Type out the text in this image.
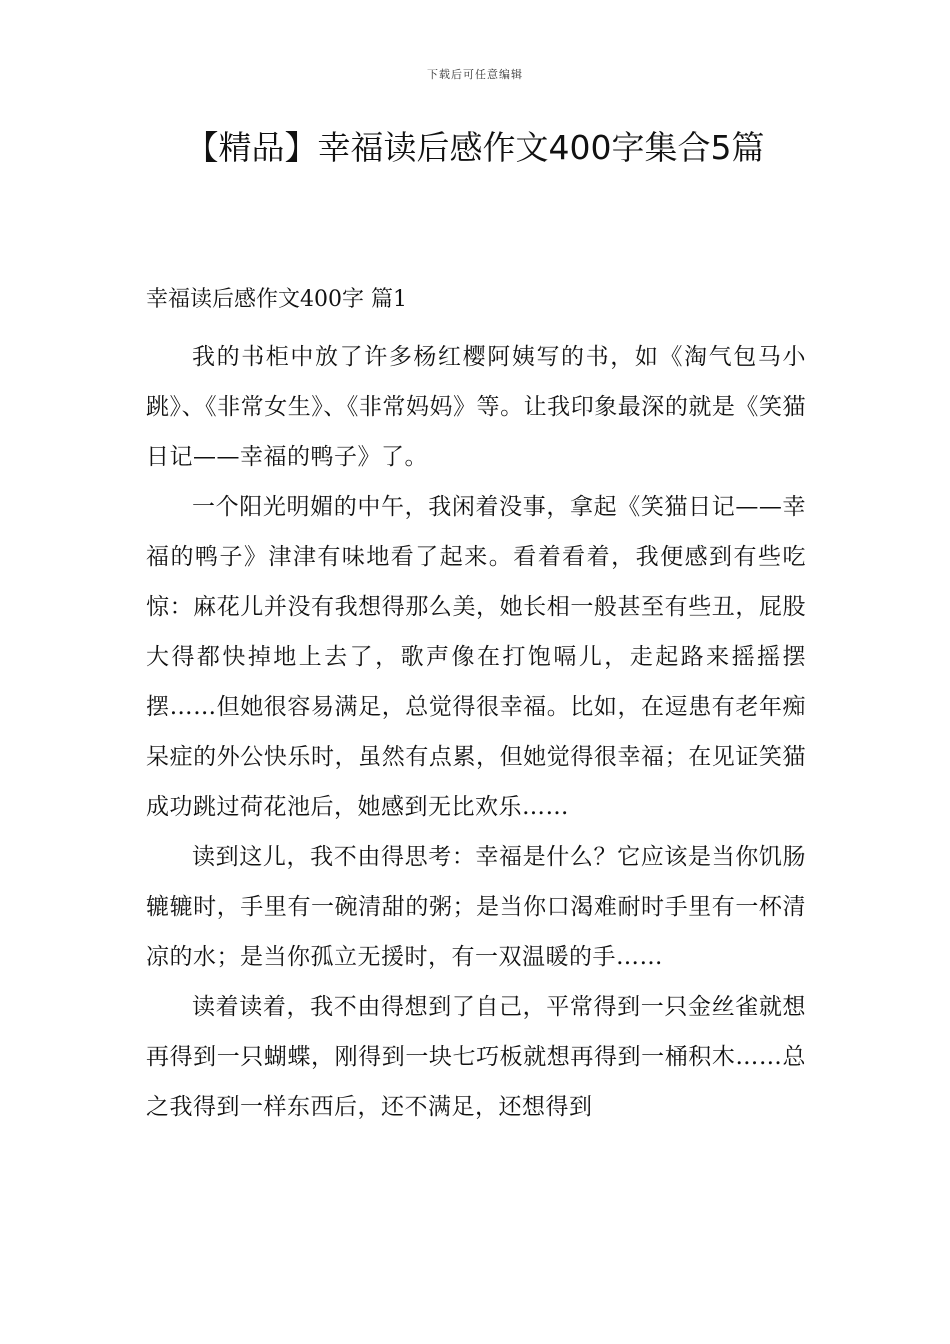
下载后可任意编辑
【精品】幸福读后感作文400字集合5篇
幸福读后感作文400字 篇1

我的书柜中放了许多杨红樱阿姨写的书，如《淘气包马小跳》、《非常女生》、《非常妈妈》等。让我印象最深的就是《笑猫日记——幸福的鸭子》了。

一个阳光明媚的中午，我闲着没事，拿起《笑猫日记——幸福的鸭子》津津有味地看了起来。看着看着，我便感到有些吃惊：麻花儿并没有我想得那么美，她长相一般甚至有些丑，屁股大得都快掉地上去了，歌声像在打饱嗝儿，走起路来摇摇摆摆……但她很容易满足，总觉得很幸福。比如，在逗患有老年痴呆症的外公快乐时，虽然有点累，但她觉得很幸福；在见证笑猫成功跳过荷花池后，她感到无比欢乐……

读到这儿，我不由得思考：幸福是什么？它应该是当你饥肠辘辘时，手里有一碗清甜的粥；是当你口渴难耐时手里有一杯清凉的水；是当你孤立无援时，有一双温暖的手……

读着读着，我不由得想到了自己，平常得到一只金丝雀就想再得到一只蝴蝶，刚得到一块七巧板就想再得到一桶积木……总之我得到一样东西后，还不满足，还想得到
